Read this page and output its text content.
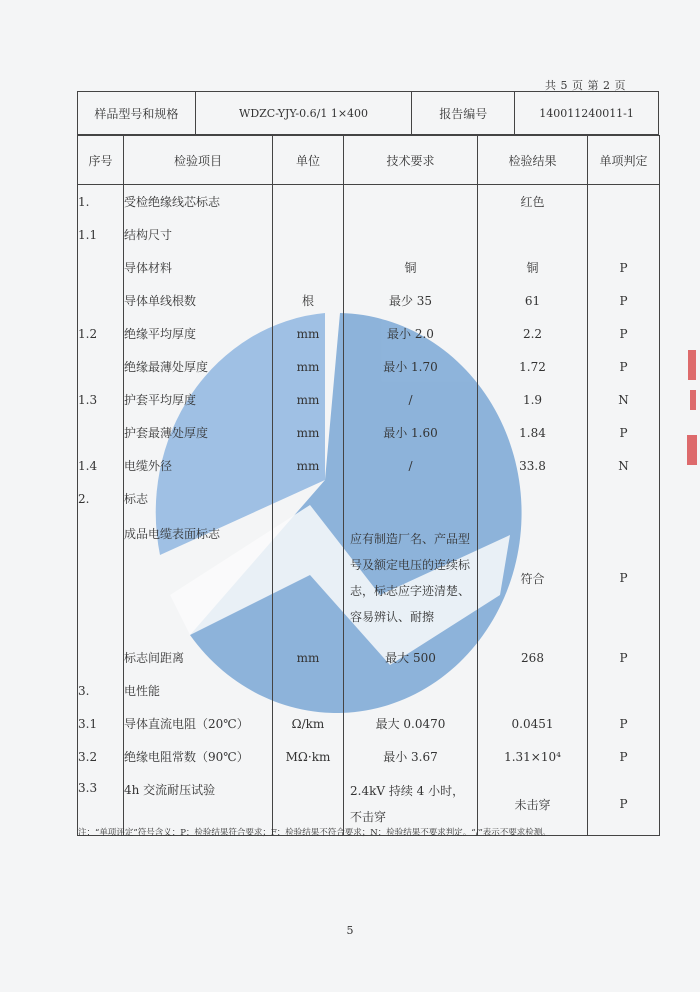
共 5 页 第 2 页
样品型号和规格	WDZC-YJY-0.6/1 1×400	报告编号	140011240011-1
序号	检验项目	单位	技术要求	检验结果	单项判定
1.	受检绝缘线芯标志			红色	
1.1	结构尺寸				
	导体材料		铜	铜	P
	导体单线根数	根	最少 35	61	P
1.2	绝缘平均厚度	mm	最小 2.0	2.2	P
	绝缘最薄处厚度	mm	最小 1.70	1.72	P
1.3	护套平均厚度	mm	/	1.9	N
	护套最薄处厚度	mm	最小 1.60	1.84	P
1.4	电缆外径	mm	/	33.8	N
2.	标志				
	成品电缆表面标志		应有制造厂名、产品型号及额定电压的连续标志，标志应字迹清楚、容易辨认、耐擦	符合	P
	标志间距离	mm	最大 500	268	P
3.	电性能				
3.1	导体直流电阻（20℃）	Ω/km	最大 0.0470	0.0451	P
3.2	绝缘电阻常数（90℃）	MΩ·km	最小 3.67	1.31×10⁴	P
3.3	4h 交流耐压试验		2.4kV 持续 4 小时，不击穿	未击穿	P
注：“单项评定”符号含义：P：检验结果符合要求；F：检验结果不符合要求；N：检验结果不要求判定。“/”表示不要求检测。
5
